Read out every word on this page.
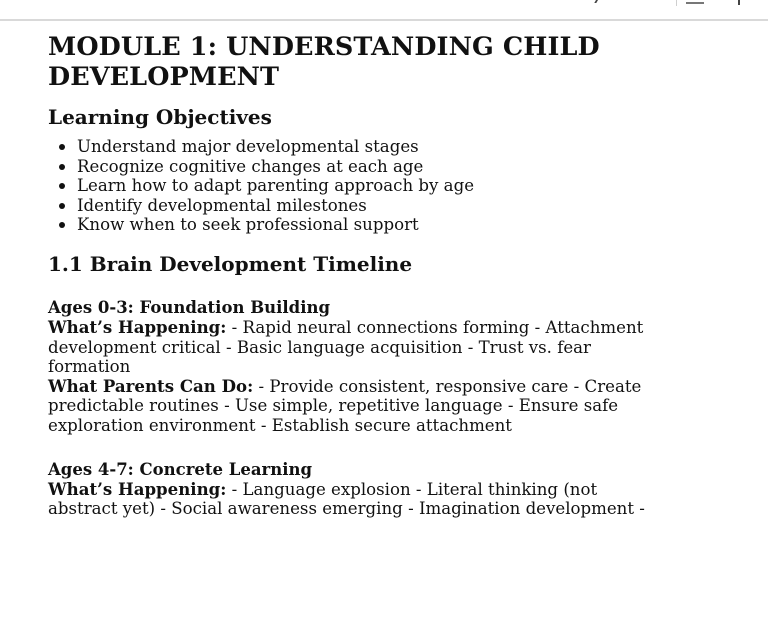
MODULE 1: UNDERSTANDING CHILD DEVELOPMENT
Learning Objectives
Understand major developmental stages
Recognize cognitive changes at each age
Learn how to adapt parenting approach by age
Identify developmental milestones
Know when to seek professional support
1.1 Brain Development Timeline
Ages 0-3: Foundation Building

What’s Happening: - Rapid neural connections forming - Attachment development critical - Basic language acquisition - Trust vs. fear formation

What Parents Can Do: - Provide consistent, responsive care - Create predictable routines - Use simple, repetitive language - Ensure safe exploration environment - Establish secure attachment

Ages 4-7: Concrete Learning

What’s Happening: - Language explosion - Literal thinking (not abstract yet) - Social awareness emerging - Imagination development -
